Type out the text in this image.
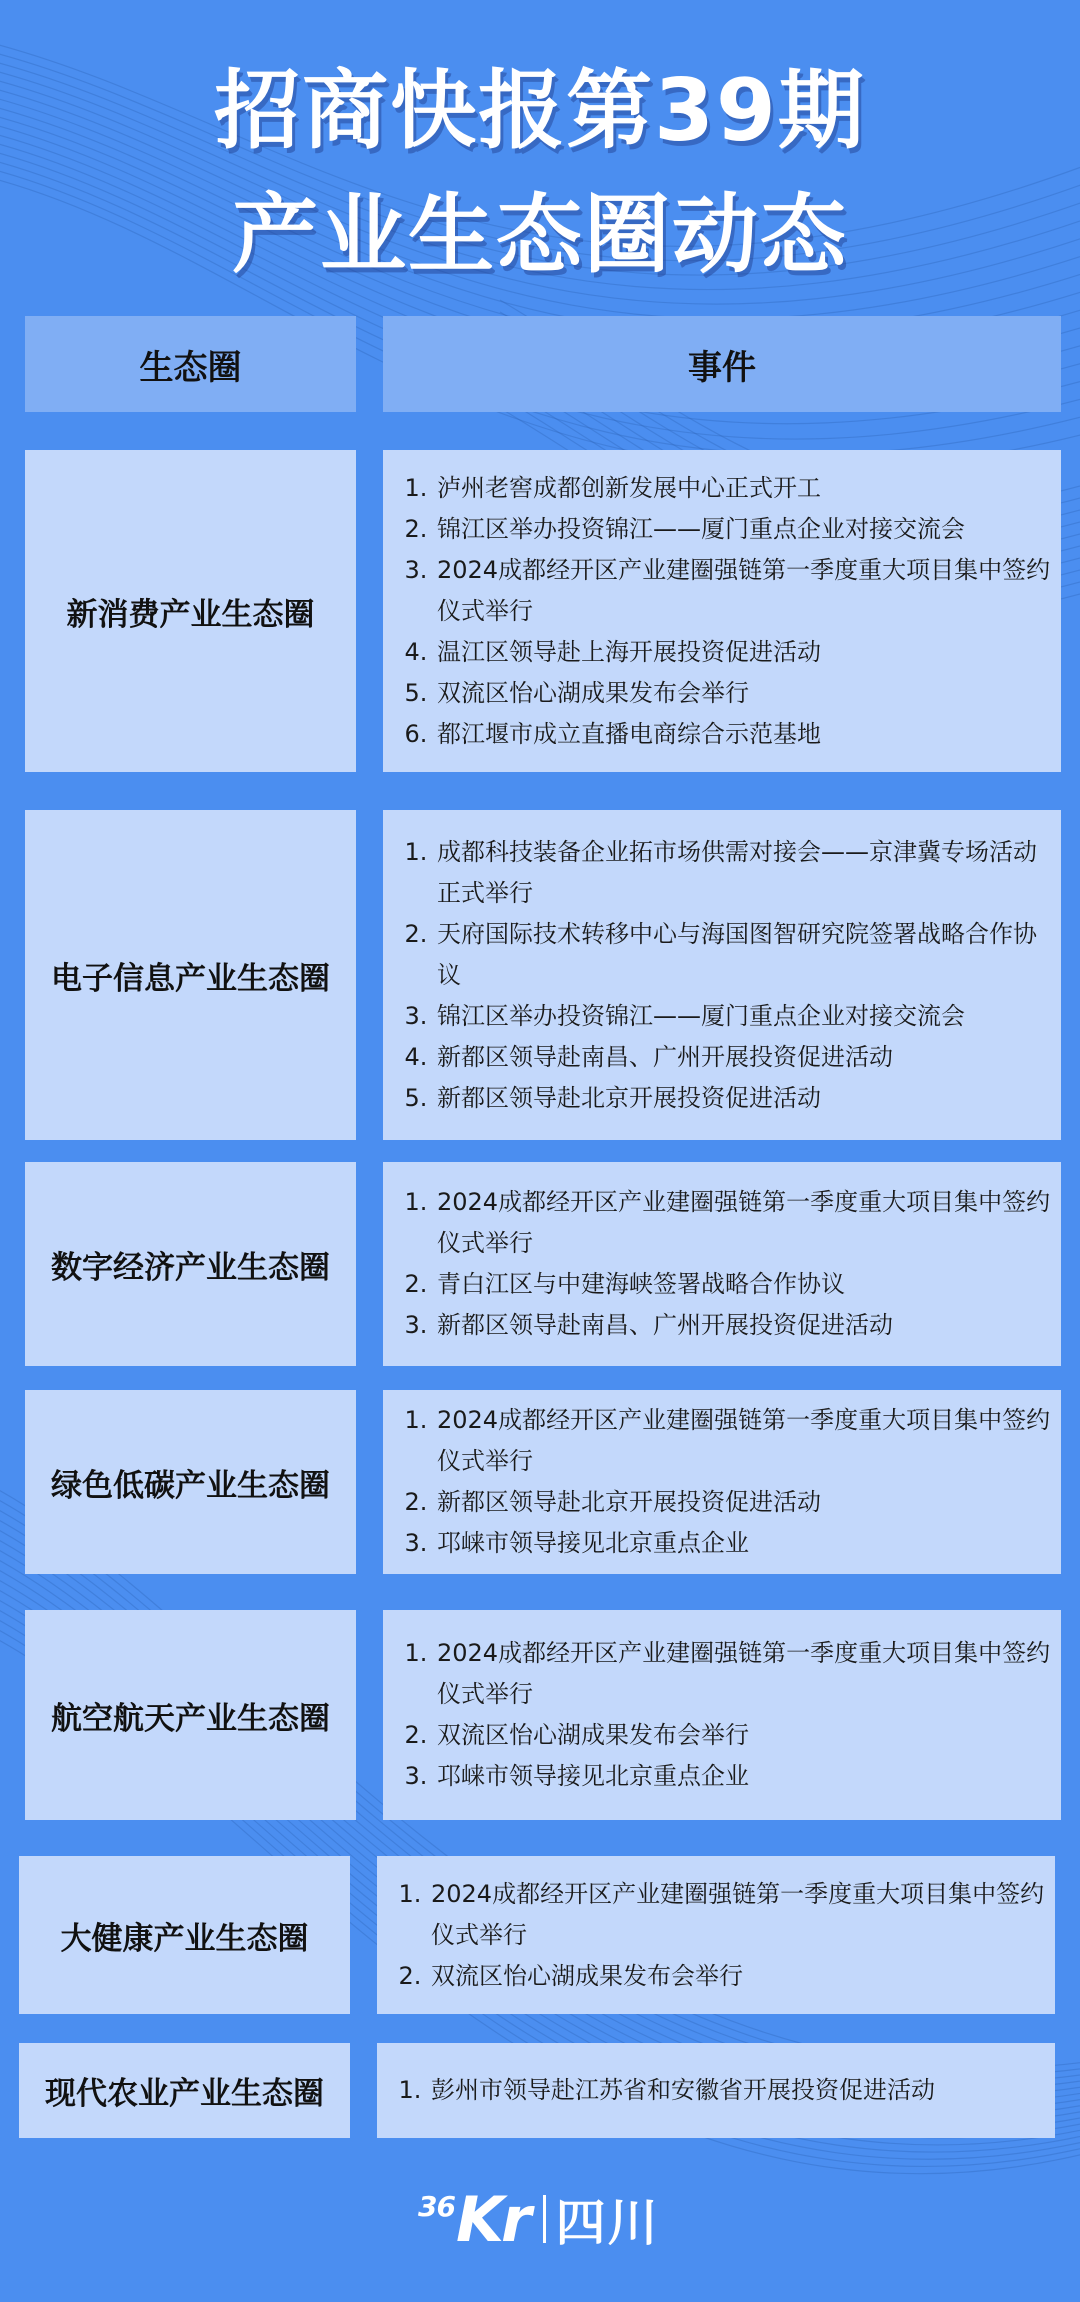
招商快报第39期
产业生态圈动态
生态圈	事件
新消费产业生态圈
1. 泸州老窖成都创新发展中心正式开工
2. 锦江区举办投资锦江——厦门重点企业对接交流会
3. 2024成都经开区产业建圈强链第一季度重大项目集中签约仪式举行
4. 温江区领导赴上海开展投资促进活动
5. 双流区怡心湖成果发布会举行
6. 都江堰市成立直播电商综合示范基地
电子信息产业生态圈
1. 成都科技装备企业拓市场供需对接会——京津冀专场活动正式举行
2. 天府国际技术转移中心与海国图智研究院签署战略合作协议
3. 锦江区举办投资锦江——厦门重点企业对接交流会
4. 新都区领导赴南昌、广州开展投资促进活动
5. 新都区领导赴北京开展投资促进活动
数字经济产业生态圈
1. 2024成都经开区产业建圈强链第一季度重大项目集中签约仪式举行
2. 青白江区与中建海峡签署战略合作协议
3. 新都区领导赴南昌、广州开展投资促进活动
绿色低碳产业生态圈
1. 2024成都经开区产业建圈强链第一季度重大项目集中签约仪式举行
2. 新都区领导赴北京开展投资促进活动
3. 邛崃市领导接见北京重点企业
航空航天产业生态圈
1. 2024成都经开区产业建圈强链第一季度重大项目集中签约仪式举行
2. 双流区怡心湖成果发布会举行
3. 邛崃市领导接见北京重点企业
大健康产业生态圈
1. 2024成都经开区产业建圈强链第一季度重大项目集中签约仪式举行
2. 双流区怡心湖成果发布会举行
现代农业产业生态圈
1.	彭州市领导赴江苏省和安徽省开展投资促进活动
36 Kr 四川
